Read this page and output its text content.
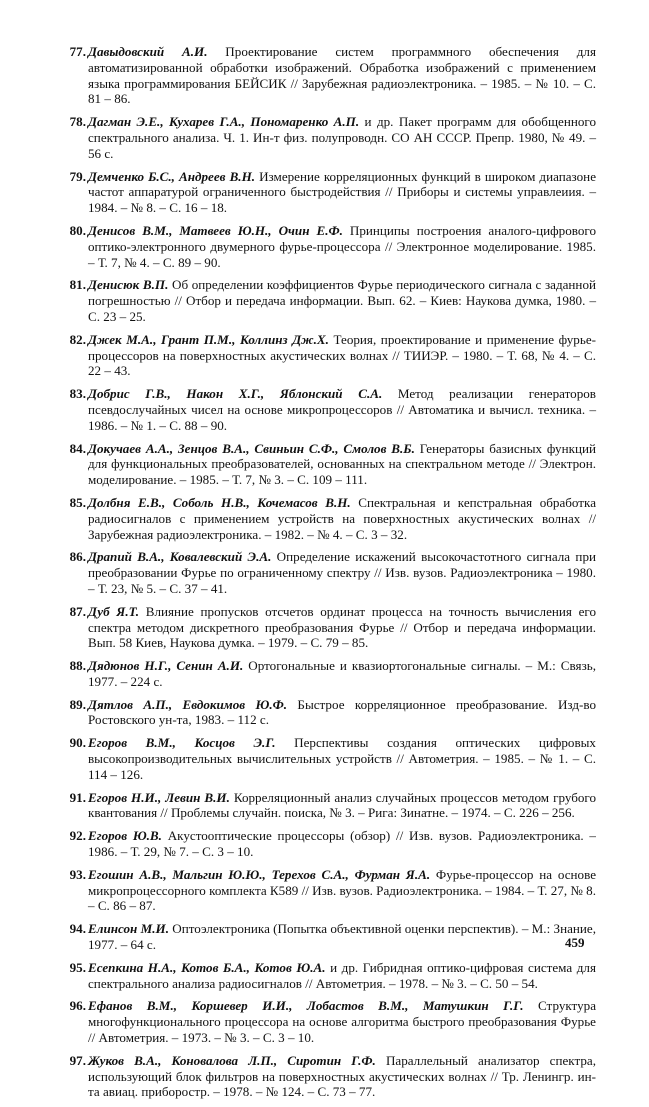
77. Давыдовский А.И. Проектирование систем программного обеспечения для автоматизированной обработки изображений. Обработка изображений с применением языка программирования БЕЙСИК // Зарубежная радиоэлектроника. – 1985. – № 10. – С. 81 – 86.
78. Дагман Э.Е., Кухарев Г.А., Пономаренко А.П. и др. Пакет программ для обобщенного спектрального анализа. Ч. 1. Ин-т физ. полупроводн. СО АН СССР. Препр. 1980, № 49. – 56 с.
79. Демченко Б.С., Андреев В.Н. Измерение корреляционных функций в широком диапазоне частот аппаратурой ограниченного быстродействия // Приборы и системы управлеиия. – 1984. – № 8. – С. 16 – 18.
80. Денисов В.М., Матвеев Ю.Н., Очин Е.Ф. Принципы построения аналого-цифрового оптико-электронного двумерного фурье-процессора // Электронное моделирование. 1985. – Т. 7, № 4. – С. 89 – 90.
81. Денисюк В.П. Об определении коэффициентов Фурье периодического сигнала с заданной погрешностью // Отбор и передача информации. Вып. 62. – Киев: Наукова думка, 1980. – С. 23 – 25.
82. Джек М.А., Грант П.М., Коллинз Дж.Х. Теория, проектирование и применение фурье-процессоров на поверхностных акустических волнах // ТИИЭР. – 1980. – Т. 68, № 4. – С. 22 – 43.
83. Добрис Г.В., Након Х.Г., Яблонский С.А. Метод реализации генераторов псевдослучайных чисел на основе микропроцессоров // Автоматика и вычисл. техника. – 1986. – № 1. – С. 88 – 90.
84. Докучаев А.А., Зенцов В.А., Свиньин С.Ф., Смолов В.Б. Генераторы базисных функций для функциональных преобразователей, основанных на спектральном методе // Электрон. моделирование. – 1985. – Т. 7, № 3. – С. 109 – 111.
85. Долбня Е.В., Соболь Н.В., Кочемасов В.Н. Спектральная и кепстральная обработка радиосигналов с применением устройств на поверхностных акустических волнах // Зарубежная радиоэлектроника. – 1982. – № 4. – С. 3 – 32.
86. Драпий В.А., Ковалевский Э.А. Определение искажений высокочастотного сигнала при преобразовании Фурье по ограниченному спектру // Изв. вузов. Радиоэлектроника – 1980. – Т. 23, № 5. – С. 37 – 41.
87. Дуб Я.Т. Влияние пропусков отсчетов ординат процесса на точность вычисления его спектра методом дискретного преобразования Фурье // Отбор и передача информации. Вып. 58 Киев, Наукова думка. – 1979. – С. 79 – 85.
88. Дядюнов Н.Г., Сенин А.И. Ортогональные и квазиортогональные сигналы. – М.: Связь, 1977. – 224 с.
89. Дятлов А.П., Евдокимов Ю.Ф. Быстрое корреляционное преобразование. Изд-во Ростовского ун-та, 1983. – 112 с.
90. Егоров В.М., Косцов Э.Г. Перспективы создания оптических цифровых высокопроизводительных вычислительных устройств // Автометрия. – 1985. – № 1. – С. 114 – 126.
91. Егоров Н.И., Левин В.И. Корреляционный анализ случайных процессов методом грубого квантования // Проблемы случайн. поиска, № 3. – Рига: Зинатне. – 1974. – С. 226 – 256.
92. Егоров Ю.В. Акустооптические процессоры (обзор) // Изв. вузов. Радиоэлектроника. – 1986. – Т. 29, № 7. – С. 3 – 10.
93. Егошин А.В., Мальгин Ю.Ю., Терехов С.А., Фурман Я.А. Фурье-процессор на основе микропроцессорного комплекта К589 // Изв. вузов. Радиоэлектроника. – 1984. – Т. 27, № 8. – С. 86 – 87.
94. Елинсон М.И. Оптоэлектроника (Попытка объективной оценки перспектив). – М.: Знание, 1977. – 64 с.
95. Есепкина Н.А., Котов Б.А., Котов Ю.А. и др. Гибридная оптико-цифровая система для спектрального анализа радиосигналов // Автометрия. – 1978. – № 3. – С. 50 – 54.
96. Ефанов В.М., Коршевер И.И., Лобастов В.М., Матушкин Г.Г. Структура многофункционального процессора на основе алгоритма быстрого преобразования Фурье // Автометрия. – 1973. – № 3. – С. 3 – 10.
97. Жуков В.А., Коновалова Л.П., Сиротин Г.Ф. Параллельный анализатор спектра, использующий блок фильтров на поверхностных акустических волнах // Тр. Ленингр. ин-та авиац. приборостр. – 1978. – № 124. – С. 73 – 77.
459
